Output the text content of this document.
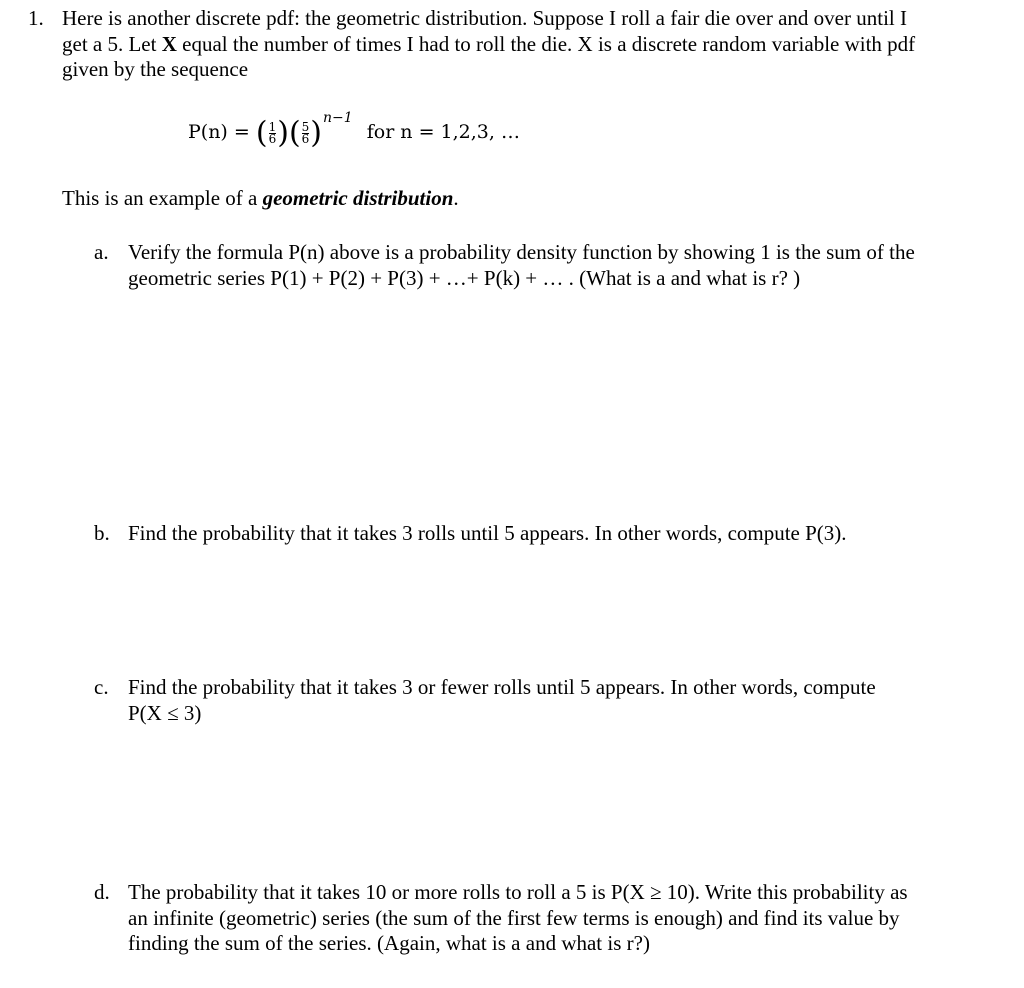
1. Here is another discrete pdf: the geometric distribution. Suppose I roll a fair die over and over until I
get a 5. Let X equal the number of times I had to roll the die. X is a discrete random variable with pdf
given by the sequence
P(n) = ( $\frac{1}{6}$ )( $\frac{5}{6} )^{n-1}$ for n = 1,2,3, …
This is an example of a geometric distribution.
a. Verify the formula P(n) above is a probability density function by showing 1 is the sum of the
geometric series P(1) + P(2) + P(3) + …+ P(k) + … . (What is a and what is r? )
b. Find the probability that it takes 3 rolls until 5 appears. In other words, compute P(3).
c. Find the probability that it takes 3 or fewer rolls until 5 appears. In other words, compute
P(X ≤ 3)
d. The probability that it takes 10 or more rolls to roll a 5 is P(X ≥ 10). Write this probability as
an infinite (geometric) series (the sum of the first few terms is enough) and find its value by
finding the sum of the series. (Again, what is a and what is r?)
